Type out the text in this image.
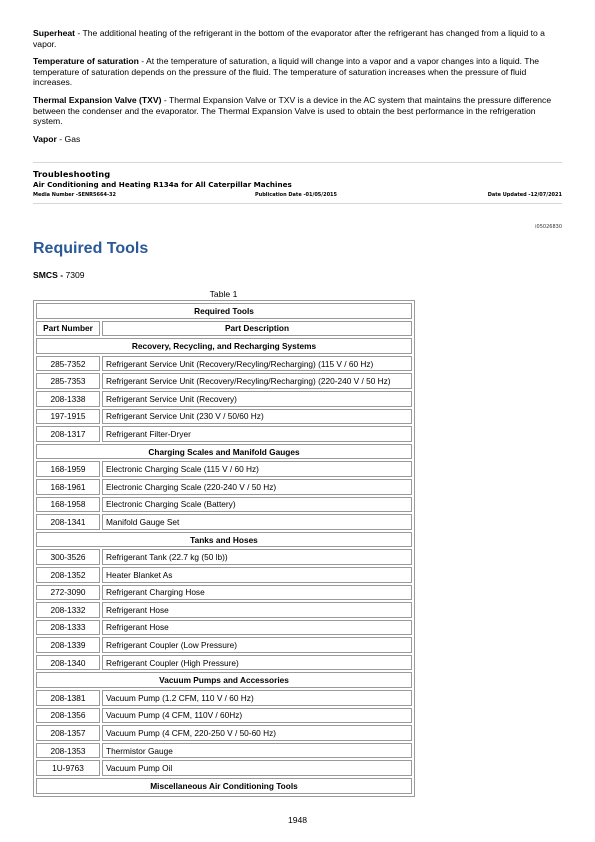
Superheat - The additional heating of the refrigerant in the bottom of the evaporator after the refrigerant has changed from a liquid to a vapor.

Temperature of saturation - At the temperature of saturation, a liquid will change into a vapor and a vapor changes into a liquid. The temperature of saturation depends on the pressure of the fluid. The temperature of saturation increases when the pressure of fluid increases.

Thermal Expansion Valve (TXV) - Thermal Expansion Valve or TXV is a device in the AC system that maintains the pressure difference between the condenser and the evaporator. The Thermal Expansion Valve is used to obtain the best performance in the refrigeration system.

Vapor - Gas

Troubleshooting
Air Conditioning and Heating R134a for All Caterpillar Machines
Media Number -SENR5664-32	Publication Date -01/05/2015	Date Updated -12/07/2021
i05026830
Required Tools
SMCS - 7309
Table 1
Required Tools	
Part Number	Part Description
Recovery, Recycling, and Recharging Systems	
285-7352	Refrigerant Service Unit (Recovery/Recyling/Recharging) (115 V / 60 Hz)
285-7353	Refrigerant Service Unit (Recovery/Recyling/Recharging) (220-240 V / 50 Hz)
208-1338	Refrigerant Service Unit (Recovery)
197-1915	Refrigerant Service Unit (230 V / 50/60 Hz)
208-1317	Refrigerant Filter-Dryer
Charging Scales and Manifold Gauges	
168-1959	Electronic Charging Scale (115 V / 60 Hz)
168-1961	Electronic Charging Scale (220-240 V / 50 Hz)
168-1958	Electronic Charging Scale (Battery)
208-1341	Manifold Gauge Set
Tanks and Hoses	
300-3526	Refrigerant Tank (22.7 kg (50 lb))
208-1352	Heater Blanket As
272-3090	Refrigerant Charging Hose
208-1332	Refrigerant Hose
208-1333	Refrigerant Hose
208-1339	Refrigerant Coupler (Low Pressure)
208-1340	Refrigerant Coupler (High Pressure)
Vacuum Pumps and Accessories	
208-1381	Vacuum Pump (1.2 CFM, 110 V / 60 Hz)
208-1356	Vacuum Pump (4 CFM, 110V / 60Hz)
208-1357	Vacuum Pump (4 CFM, 220-250 V / 50-60 Hz)
208-1353	Thermistor Gauge
1U-9763	Vacuum Pump Oil
Miscellaneous Air Conditioning Tools	
1948
